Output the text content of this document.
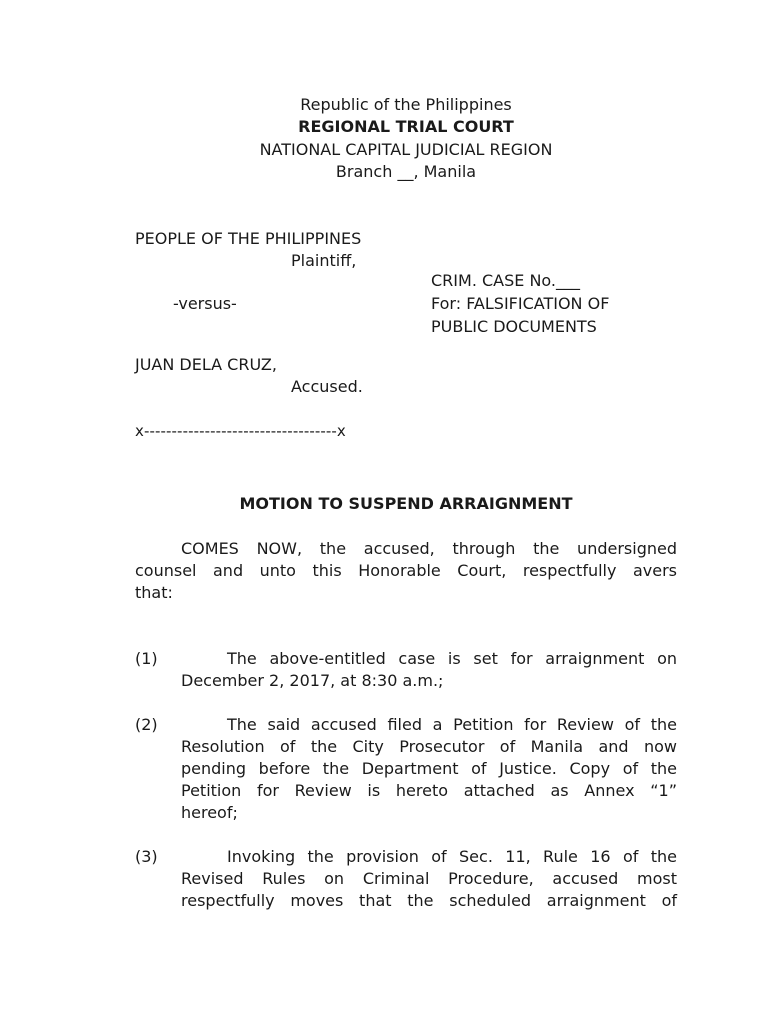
Republic of the Philippines
REGIONAL TRIAL COURT
NATIONAL CAPITAL JUDICIAL REGION
Branch __, Manila
PEOPLE OF THE PHILIPPINES
Plaintiff,
CRIM. CASE No.___
-versus-	For: FALSIFICATION OF
PUBLIC DOCUMENTS
JUAN DELA CRUZ,
Accused.
x-----------------------------------x
MOTION TO SUSPEND ARRAIGNMENT
COMES NOW, the accused, through the undersigned
counsel and unto this Honorable Court, respectfully avers
that:
(1)	The above-entitled case is set for arraignment on
December 2, 2017, at 8:30 a.m.;
(2)	The said accused filed a Petition for Review of the
Resolution of the City Prosecutor of Manila and now
pending before the Department of Justice. Copy of the
Petition for Review is hereto attached as Annex “1”
hereof;
(3)	Invoking the provision of Sec. 11, Rule 16 of the
Revised Rules on Criminal Procedure, accused most
respectfully moves that the scheduled arraignment of
